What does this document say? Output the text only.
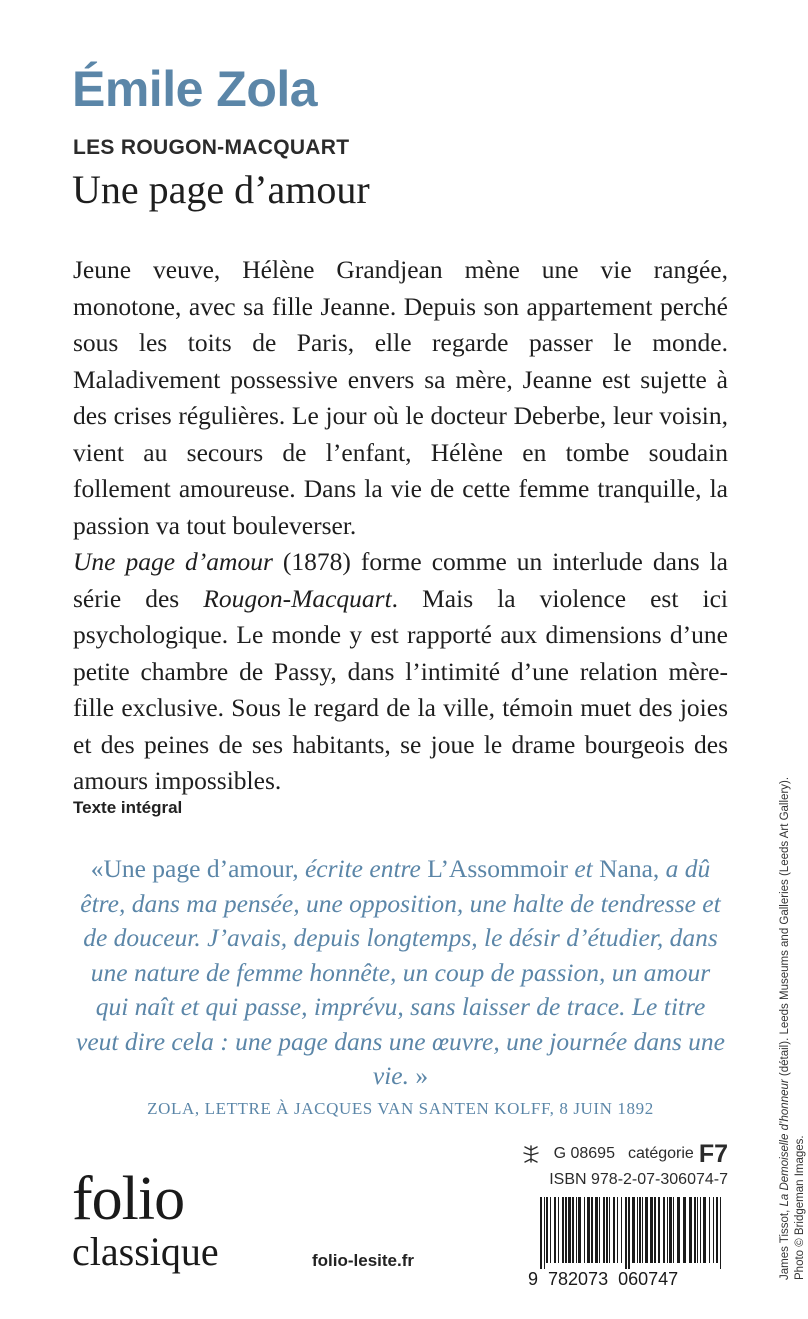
Émile Zola
LES ROUGON-MACQUART
Une page d’amour

Jeune veuve, Hélène Grandjean mène une vie rangée, monotone, avec sa fille Jeanne. Depuis son appartement perché sous les toits de Paris, elle regarde passer le monde. Maladivement possessive envers sa mère, Jeanne est sujette à des crises régulières. Le jour où le docteur Deberbe, leur voisin, vient au secours de l’enfant, Hélène en tombe soudain follement amoureuse. Dans la vie de cette femme tranquille, la passion va tout bouleverser.

Une page d’amour (1878) forme comme un interlude dans la série des Rougon-Macquart. Mais la violence est ici psychologique. Le monde y est rapporté aux dimensions d’une petite chambre de Passy, dans l’intimité d’une relation mère-fille exclusive. Sous le regard de la ville, témoin muet des joies et des peines de ses habitants, se joue le drame bourgeois des amours impossibles.

Texte intégral
«Une page d’amour, écrite entre L’Assommoir et Nana, a dû être, dans ma pensée, une opposition, une halte de tendresse et de douceur. J’avais, depuis longtemps, le désir d’étudier, dans une nature de femme honnête, un coup de passion, un amour qui naît et qui passe, imprévu, sans laisser de trace. Le titre veut dire cela : une page dans une œuvre, une journée dans une vie. »
ZOLA, LETTRE À JACQUES VAN SANTEN KOLFF, 8 JUIN 1892
G 08695 catégorie F7
ISBN 978-2-07-306074-7
9  782073  060747
folio
classique	folio-lesite.fr	James Tissot, La Demoiselle d’honneur (détail). Leeds Museums and Galleries (Leeds Art Gallery).
Photo © Bridgeman Images.
